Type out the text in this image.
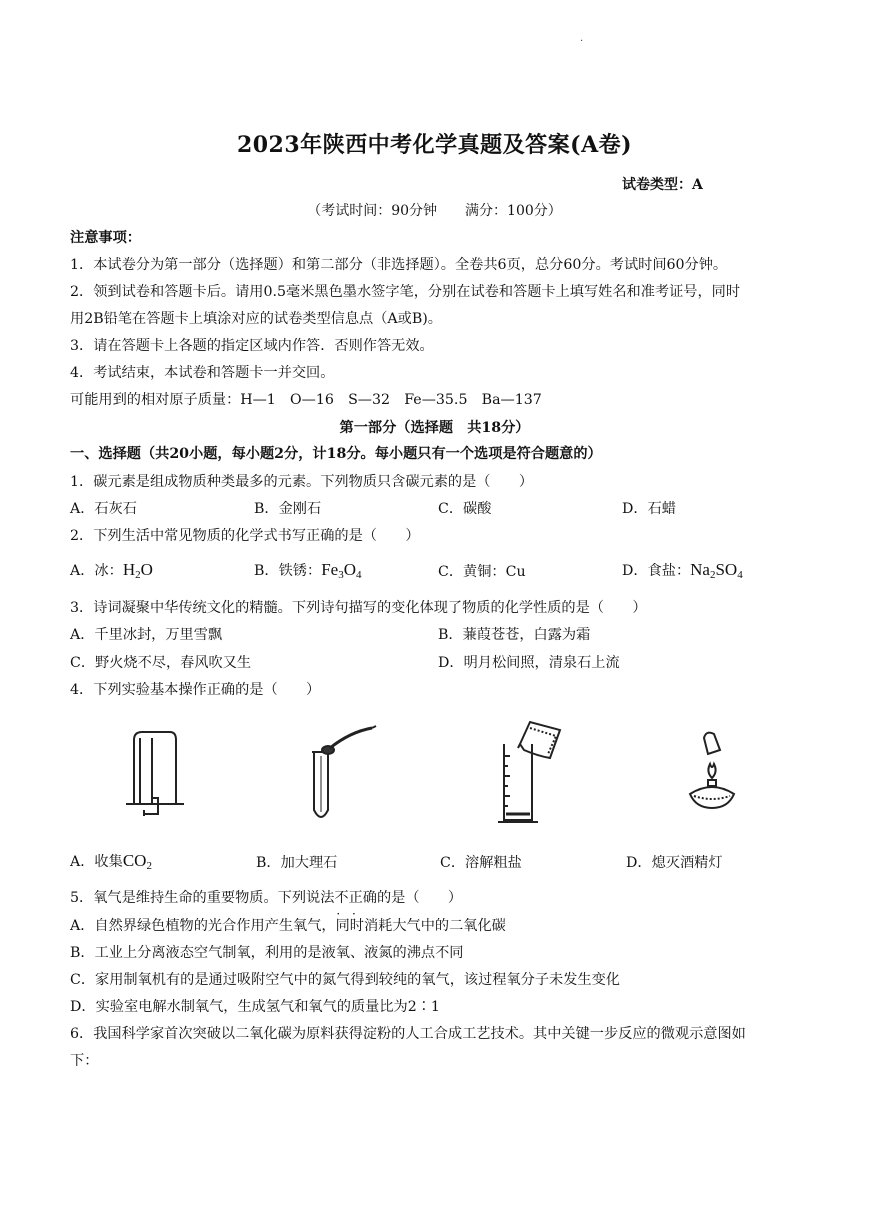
·
2023年陕西中考化学真题及答案(A卷)
试卷类型：A
（考试时间：90分钟　　满分：100分）
注意事项：
1．本试卷分为第一部分（选择题）和第二部分（非选择题）。全卷共6页，总分60分。考试时间60分钟。
2．领到试卷和答题卡后。请用0.5毫米黑色墨水签字笔，分别在试卷和答题卡上填写姓名和准考证号，同时
用2B铅笔在答题卡上填涂对应的试卷类型信息点（A或B)。
3．请在答题卡上各题的指定区域内作答．否则作答无效。
4．考试结束，本试卷和答题卡一并交回。
可能用到的相对原子质量：H—1　O—16　S—32　Fe—35.5　Ba—137
第一部分（选择题　共18分）
一、选择题（共20小题，每小题2分，计18分。每小题只有一个选项是符合题意的）
1．碳元素是组成物质种类最多的元素。下列物质只含碳元素的是（　　）
A．石灰石	B．金刚石	C．碳酸	D．石蜡
2．下列生活中常见物质的化学式书写正确的是（　　）
A．冰：$H_2O$	B．铁锈：$Fe_3O_4$	C．黄铜：Cu	D．食盐：$Na_2SO_4$
3．诗词凝聚中华传统文化的精髓。下列诗句描写的变化体现了物质的化学性质的是（　　）
A．千里冰封，万里雪飘	B．蒹葭苍苍，白露为霜
C．野火烧不尽，春风吹又生	D．明月松间照，清泉石上流
4．下列实验基本操作正确的是（　　）
A．收集$CO_2$	B．加大理石	C．溶解粗盐	D．熄灭酒精灯
5．氧气是维持生命的重要物质。下列说法不正 · ·确的是（　　）
A．自然界绿色植物的光合作用产生氧气，同时消耗大气中的二氧化碳
B．工业上分离液态空气制氧，利用的是液氧、液氮的沸点不同
C．家用制氧机有的是通过吸附空气中的氮气得到较纯的氧气，该过程氧分子未发生变化
D．实验室电解水制氧气，生成氢气和氧气的质量比为2∶1
6．我国科学家首次突破以二氧化碳为原料获得淀粉的人工合成工艺技术。其中关键一步反应的微观示意图如
下：
